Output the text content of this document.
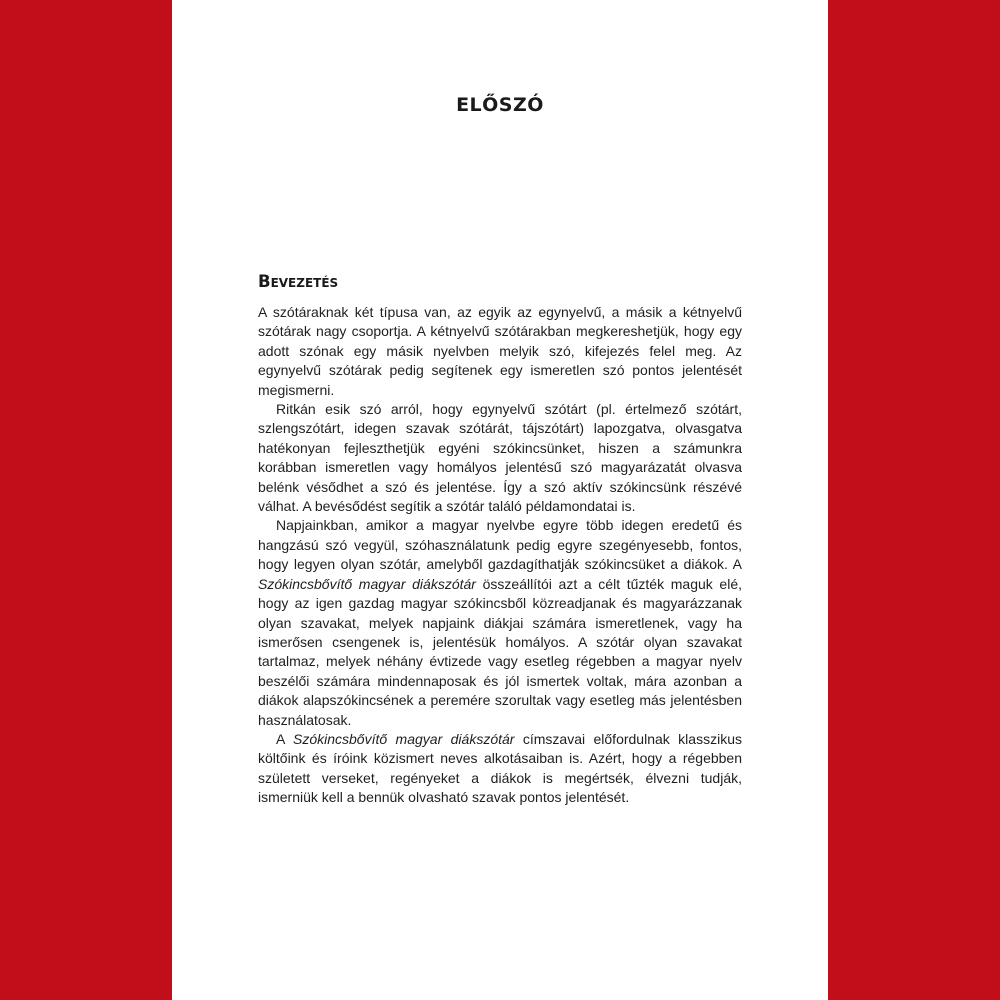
ELŐSZÓ
Bevezetés

A szótáraknak két típusa van, az egyik az egynyelvű, a másik a kétnyelvű szótárak nagy csoportja. A kétnyelvű szótárakban megkereshetjük, hogy egy adott szónak egy másik nyelvben melyik szó, kifejezés felel meg. Az egynyelvű szótárak pedig segítenek egy ismeretlen szó pontos jelentését megismerni.

Ritkán esik szó arról, hogy egynyelvű szótárt (pl. értelmező szótárt, szlengszótárt, idegen szavak szótárát, tájszótárt) lapozgatva, olvasgatva hatékonyan fejleszthetjük egyéni szókincsünket, hiszen a számunkra korábban ismeretlen vagy homályos jelentésű szó magyarázatát olvasva belénk vésődhet a szó és jelentése. Így a szó aktív szókincsünk részévé válhat. A bevésődést segítik a szótár találó példamondatai is.

Napjainkban, amikor a magyar nyelvbe egyre több idegen eredetű és hangzású szó vegyül, szóhasználatunk pedig egyre szegényesebb, fontos, hogy legyen olyan szótár, amelyből gazdagíthatják szókincsüket a diákok. A Szókincsbővítő magyar diákszótár összeállítói azt a célt tűzték maguk elé, hogy az igen gazdag magyar szókincsből közreadjanak és magyarázzanak olyan szavakat, melyek napjaink diákjai számára ismeretlenek, vagy ha ismerősen csengenek is, jelentésük homályos. A szótár olyan szavakat tartalmaz, melyek néhány évtizede vagy esetleg régebben a magyar nyelv beszélői számára mindennaposak és jól ismertek voltak, mára azonban a diákok alapszókincsének a peremére szorultak vagy esetleg más jelentésben használatosak.

A Szókincsbővítő magyar diákszótár címszavai előfordulnak klasszikus költőink és íróink közismert neves alkotásaiban is. Azért, hogy a régebben született verseket, regényeket a diákok is megértsék, élvezni tudják, ismerniük kell a bennük olvasható szavak pontos jelentését.
